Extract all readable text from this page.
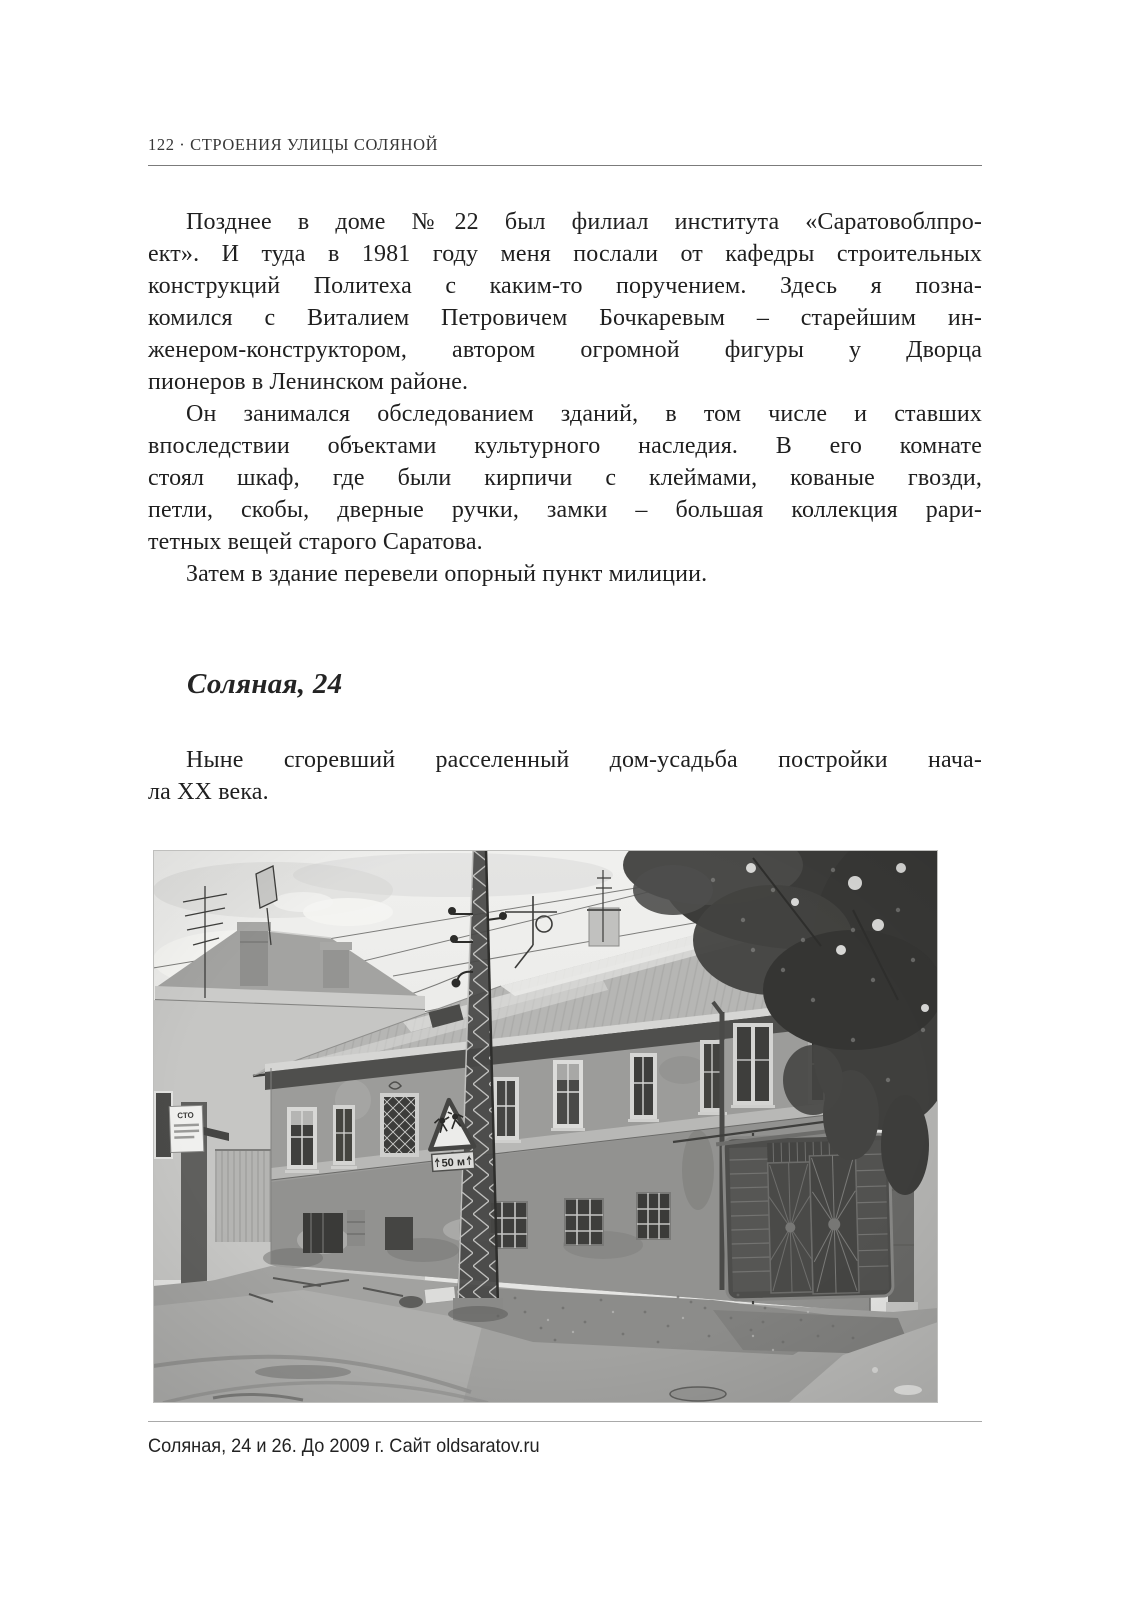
122 · СТРОЕНИЯ УЛИЦЫ СОЛЯНОЙ
Позднее в доме №22 был филиал института «Саратовоблпро-
ект». И туда в 1981 году меня послали от кафедры строительных
конструкций Политеха с каким-то поручением. Здесь я позна-
комился с Виталием Петровичем Бочкаревым – старейшим ин-
женером-конструктором, автором огромной фигуры у Дворца
пионеров в Ленинском районе.
Он занимался обследованием зданий, в том числе и ставших
впоследствии объектами культурного наследия. В его комнате
стоял шкаф, где были кирпичи с клеймами, кованые гвозди,
петли, скобы, дверные ручки, замки – большая коллекция рари-
тетных вещей старого Саратова.
Затем в здание перевели опорный пункт милиции.
Соляная, 24
Ныне сгоревший расселенный дом-усадьба постройки нача-
ла XX века.
Соляная, 24 и 26. До 2009 г. Сайт oldsaratov.ru
